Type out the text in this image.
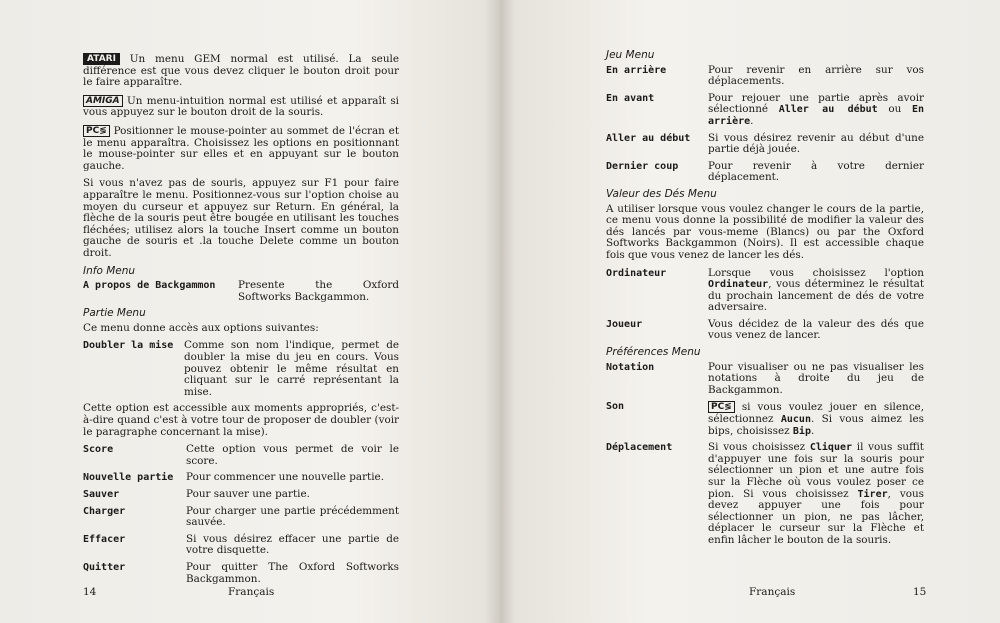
ATARI Un menu GEM normal est utilisé. La seule différence est que vous devez cliquer le bouton droit pour le faire apparaître.

AMIGA Un menu-intuition normal est utilisé et apparaît si vous appuyez sur le bouton droit de la souris.

PC≶ Positionner le mouse-pointer au sommet de l'écran et le menu apparaîtra. Choisissez les options en positionnant le mouse-pointer sur elles et en appuyant sur le bouton gauche.

Si vous n'avez pas de souris, appuyez sur F1 pour faire apparaître le menu. Positionnez-vous sur l'option choise au moyen du curseur et appuyez sur Return. En général, la flèche de la souris peut être bougée en utilisant les touches fléchées; utilisez alors la touche Insert comme un bouton gauche de souris et .la touche Delete comme un bouton droit.

Info Menu
A propos de Backgammon	Presente the Oxford Softworks Backgammon.
Partie Menu

Ce menu donne accès aux options suivantes:

Doubler la mise	Comme son nom l'indique, permet de doubler la mise du jeu en cours. Vous pouvez obtenir le même résultat en cliquant sur le carré représentant la mise.

Cette option est accessible aux moments appropriés, c'est-à-dire quand c'est à votre tour de proposer de doubler (voir le paragraphe concernant la mise).

Score	Cette option vous permet de voir le score.
Nouvelle partie	Pour commencer une nouvelle partie.
Sauver	Pour sauver une partie.
Charger	Pour charger une partie précédemment sauvée.
Effacer	Si vous désirez effacer une partie de votre disquette.
Quitter	Pour quitter The Oxford Softworks Backgammon.
14	Français
Jeu Menu
En arrière	Pour revenir en arrière sur vos déplacements.
En avant	Pour rejouer une partie après avoir sélectionné Aller au début ou En arrière.
Aller au début	Si vous désirez revenir au début d'une partie déjà jouée.
Dernier coup	Pour revenir à votre dernier déplacement.
Valeur des Dés Menu

A utiliser lorsque vous voulez changer le cours de la partie, ce menu vous donne la possibilité de modifier la valeur des dés lancés par vous-meme (Blancs) ou par the Oxford Softworks Backgammon (Noirs). Il est accessible chaque fois que vous venez de lancer les dés.

Ordinateur	Lorsque vous choisissez l'option Ordinateur, vous déterminez le résultat du prochain lancement de dés de votre adversaire.
Joueur	Vous décidez de la valeur des dés que vous venez de lancer.
Préférences Menu
Notation	Pour visualiser ou ne pas visualiser les notations à droite du jeu de Backgammon.
Son	PC≶ si vous voulez jouer en silence, sélectionnez Aucun. Si vous aimez les bips, choisissez Bip.
Déplacement	Si vous choisissez Cliquer il vous suffit d'appuyer une fois sur la souris pour sélectionner un pion et une autre fois sur la Flèche où vous voulez poser ce pion. Si vous choisissez Tirer, vous devez appuyer une fois pour sélectionner un pion, ne pas lâcher, déplacer le curseur sur la Flèche et enfin lâcher le bouton de la souris.
Français	15
